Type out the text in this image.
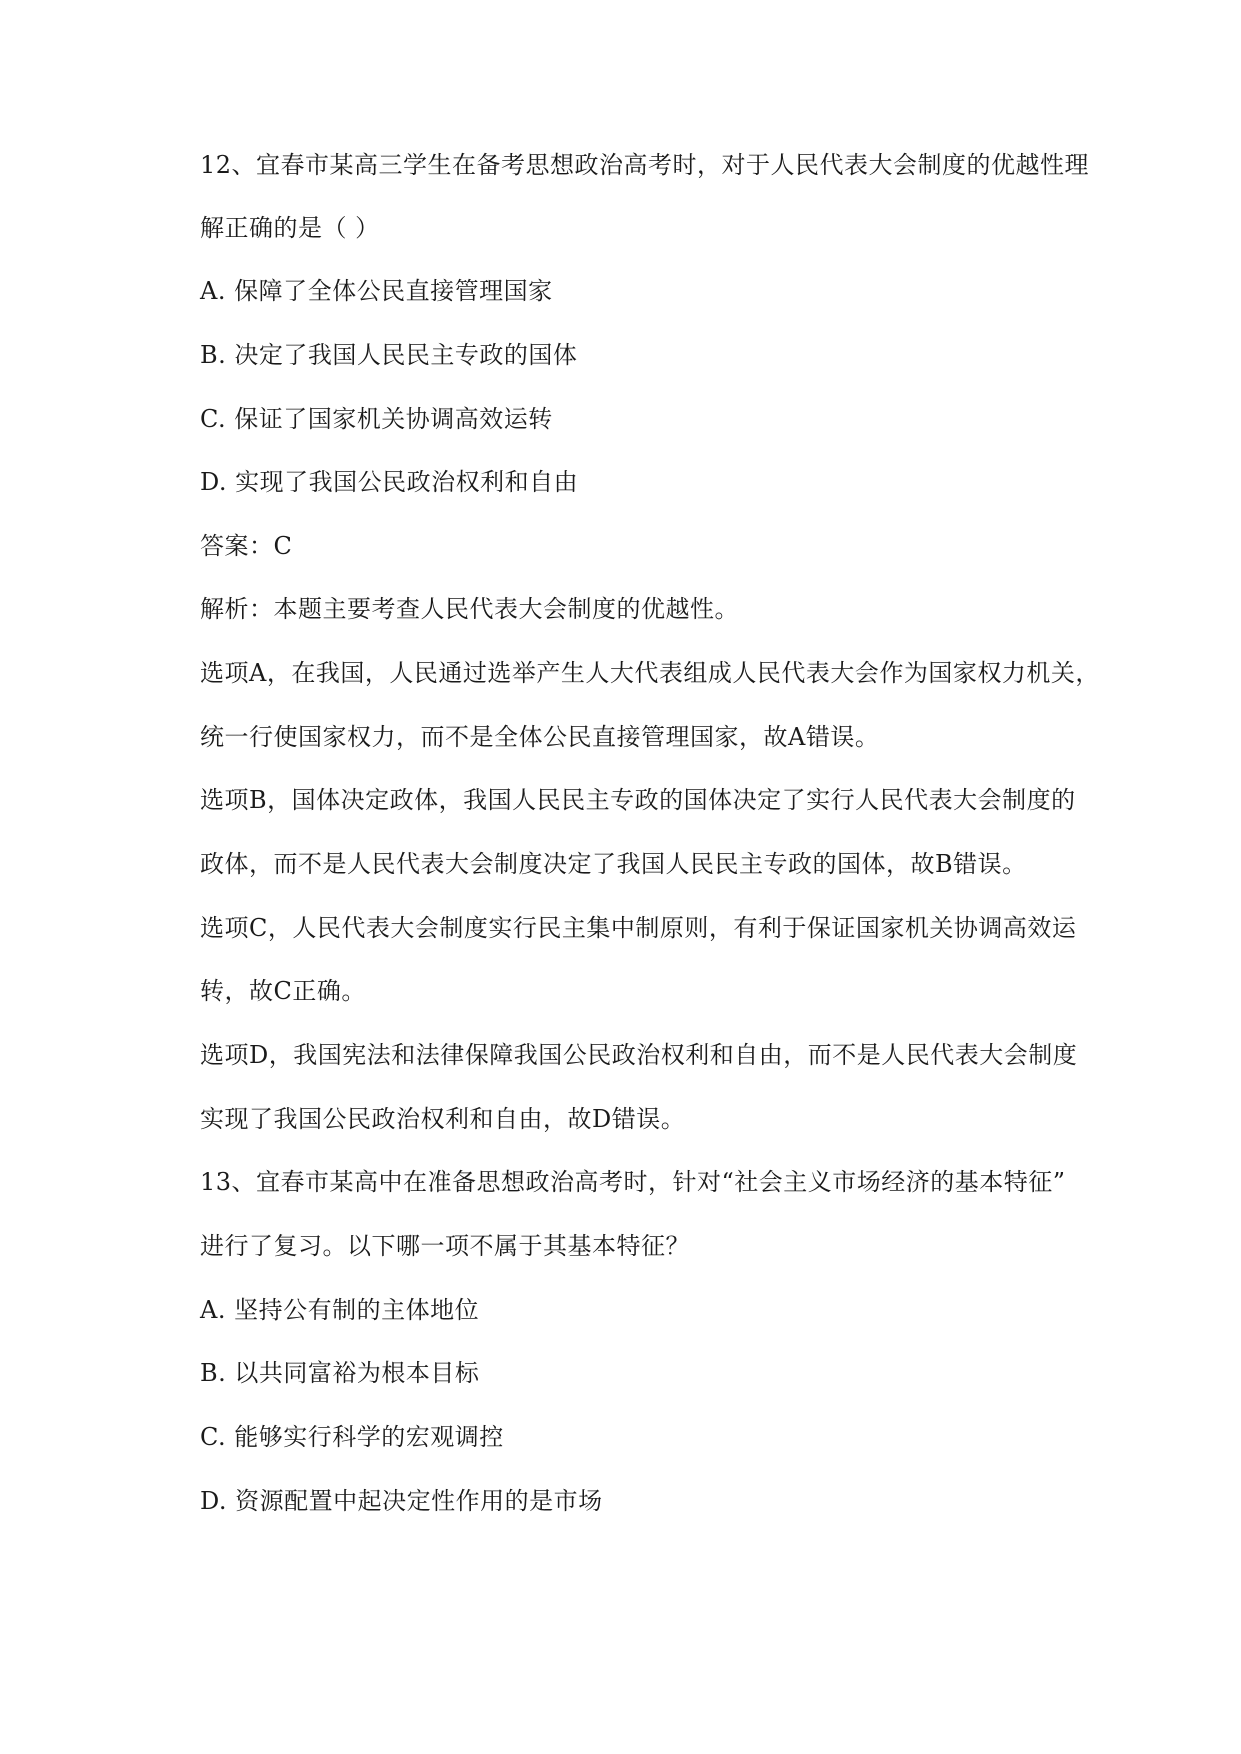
12、宜春市某高三学生在备考思想政治高考时，对于人民代表大会制度的优越性理
解正确的是（ ）
A. 保障了全体公民直接管理国家
B. 决定了我国人民民主专政的国体
C. 保证了国家机关协调高效运转
D. 实现了我国公民政治权利和自由
答案：C
解析：本题主要考查人民代表大会制度的优越性。
选项A，在我国，人民通过选举产生人大代表组成人民代表大会作为国家权力机关，
统一行使国家权力，而不是全体公民直接管理国家，故A错误。
选项B，国体决定政体，我国人民民主专政的国体决定了实行人民代表大会制度的
政体，而不是人民代表大会制度决定了我国人民民主专政的国体，故B错误。
选项C，人民代表大会制度实行民主集中制原则，有利于保证国家机关协调高效运
转，故C正确。
选项D，我国宪法和法律保障我国公民政治权利和自由，而不是人民代表大会制度
实现了我国公民政治权利和自由，故D错误。
13、宜春市某高中在准备思想政治高考时，针对“社会主义市场经济的基本特征”
进行了复习。以下哪一项不属于其基本特征？
A. 坚持公有制的主体地位
B. 以共同富裕为根本目标
C. 能够实行科学的宏观调控
D. 资源配置中起决定性作用的是市场
